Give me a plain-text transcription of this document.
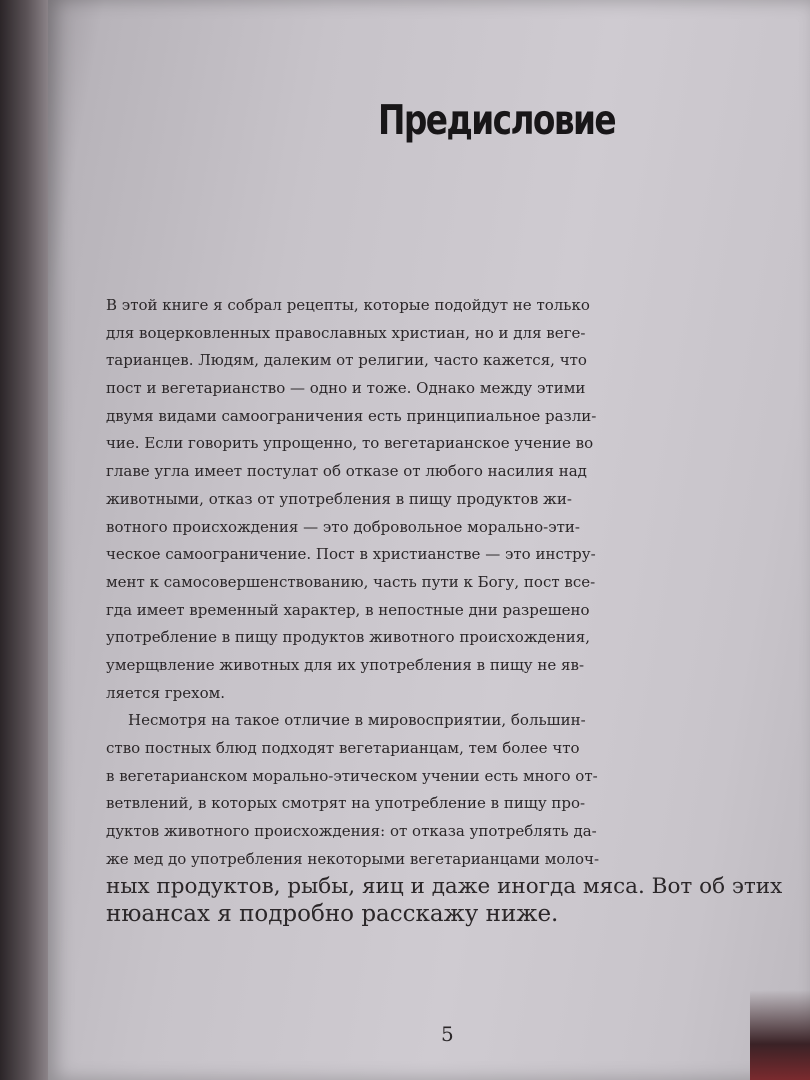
Предисловие
В этой книге я собрал рецепты, которые подойдут не только
для воцерковленных православных христиан, но и для веге-
тарианцев. Людям, далеким от религии, часто кажется, что
пост и вегетарианство — одно и тоже. Однако между этими
двумя видами самоограничения есть принципиальное разли-
чие. Если говорить упрощенно, то вегетарианское учение во
главе угла имеет постулат об отказе от любого насилия над
животными, отказ от употребления в пищу продуктов жи-
вотного происхождения — это добровольное морально-эти-
ческое самоограничение. Пост в христианстве — это инстру-
мент к самосовершенствованию, часть пути к Богу, пост все-
гда имеет временный характер, в непостные дни разрешено
употребление в пищу продуктов животного происхождения,
умерщвление животных для их употребления в пищу не яв-
ляется грехом.
Несмотря на такое отличие в мировосприятии, большин-
ство постных блюд подходят вегетарианцам, тем более что
в вегетарианском морально-этическом учении есть много от-
ветвлений, в которых смотрят на употребление в пищу про-
дуктов животного происхождения: от отказа употреблять да-
же мед до употребления некоторыми вегетарианцами молоч-
ных продуктов, рыбы, яиц и даже иногда мяса. Вот об этих
нюансах я подробно расскажу ниже.
5
